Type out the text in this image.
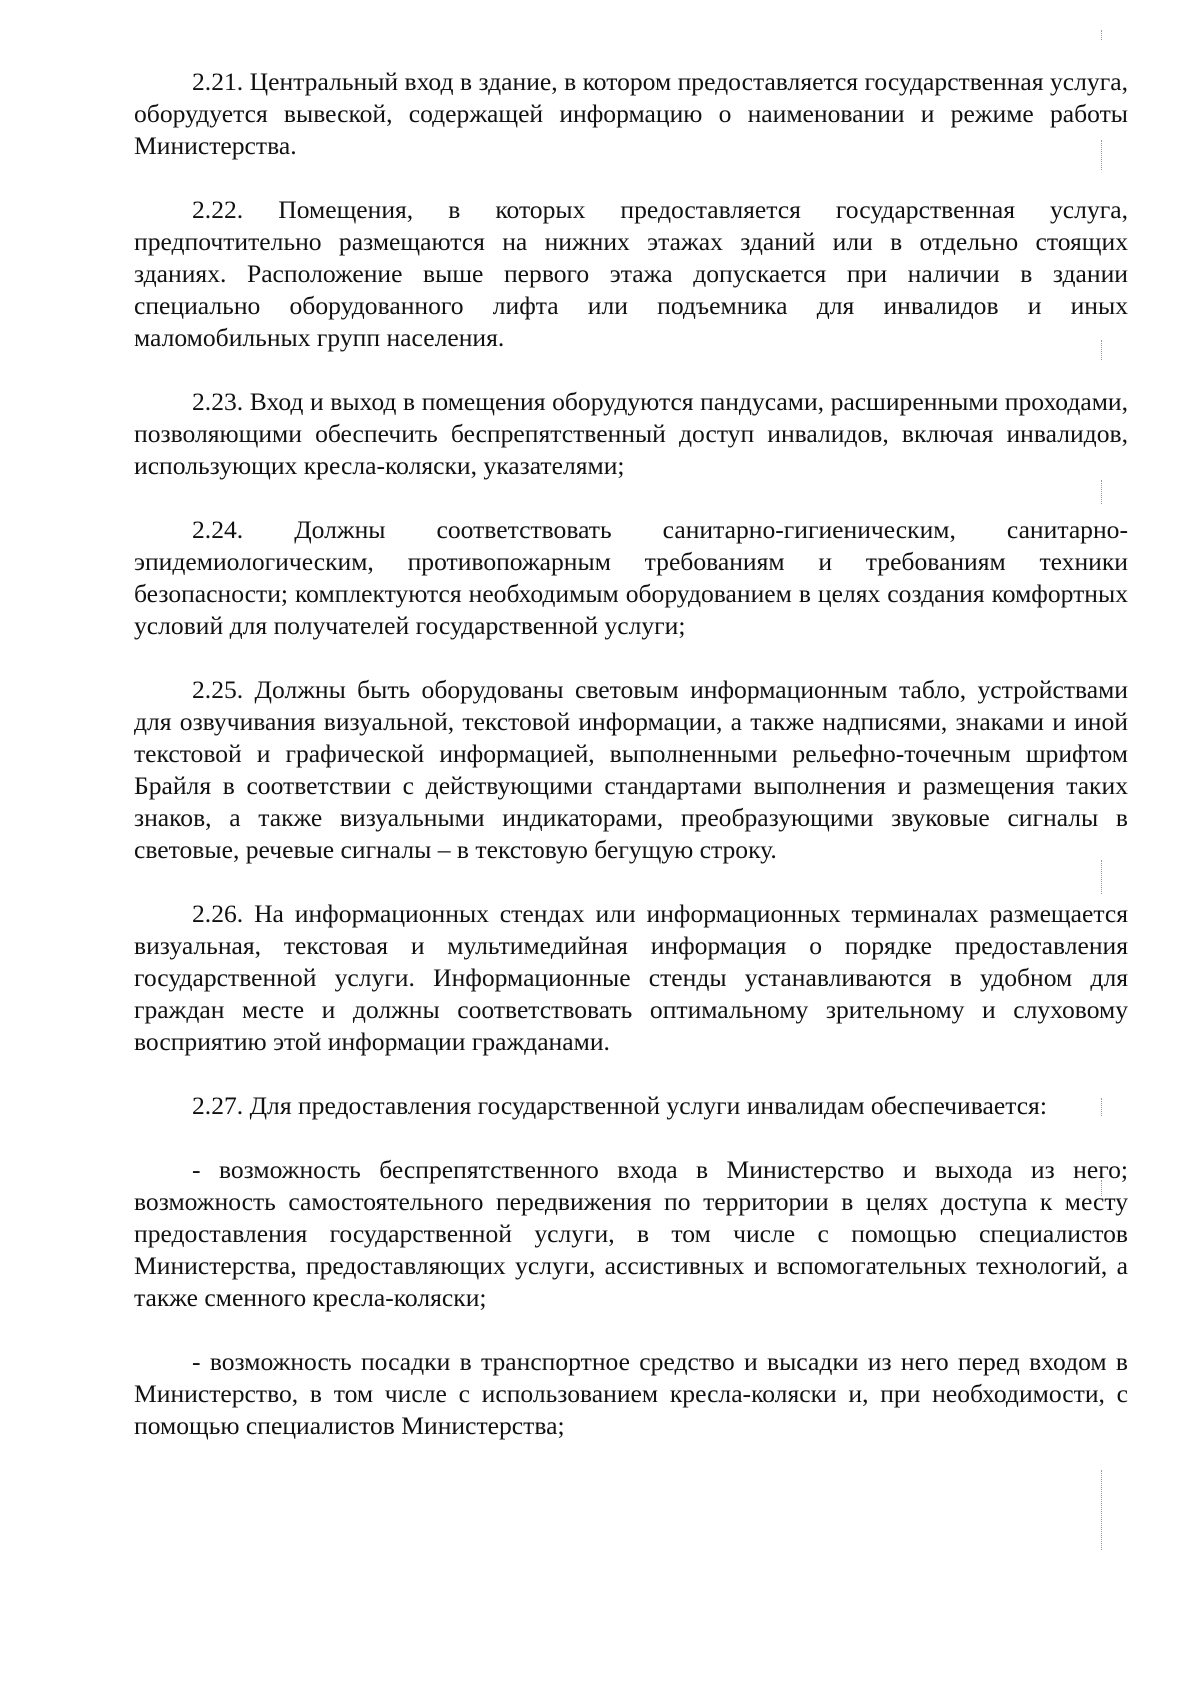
2.21. Центральный вход в здание, в котором предоставляется государственная услуга, оборудуется вывеской, содержащей информацию о наименовании и режиме работы Министерства.

2.22. Помещения, в которых предоставляется государственная услуга, предпочтительно размещаются на нижних этажах зданий или в отдельно стоящих зданиях. Расположение выше первого этажа допускается при наличии в здании специально оборудованного лифта или подъемника для инвалидов и иных маломобильных групп населения.

2.23. Вход и выход в помещения оборудуются пандусами, расширенными проходами, позволяющими обеспечить беспрепятственный доступ инвалидов, включая инвалидов, использующих кресла-коляски, указателями;

2.24. Должны соответствовать санитарно-гигиеническим, санитарно-эпидемиологическим, противопожарным требованиям и требованиям техники безопасности; комплектуются необходимым оборудованием в целях создания комфортных условий для получателей государственной услуги;

2.25. Должны быть оборудованы световым информационным табло, устройствами для озвучивания визуальной, текстовой информации, а также надписями, знаками и иной текстовой и графической информацией, выполненными рельефно-точечным шрифтом Брайля в соответствии с действующими стандартами выполнения и размещения таких знаков, а также визуальными индикаторами, преобразующими звуковые сигналы в световые, речевые сигналы – в текстовую бегущую строку.

2.26. На информационных стендах или информационных терминалах размещается визуальная, текстовая и мультимедийная информация о порядке предоставления государственной услуги. Информационные стенды устанавливаются в удобном для граждан месте и должны соответствовать оптимальному зрительному и слуховому восприятию этой информации гражданами.

2.27. Для предоставления государственной услуги инвалидам обеспечивается:

- возможность беспрепятственного входа в Министерство и выхода из него; возможность самостоятельного передвижения по территории в целях доступа к месту предоставления государственной услуги, в том числе с помощью специалистов Министерства, предоставляющих услуги, ассистивных и вспомогательных технологий, а также сменного кресла-коляски;

- возможность посадки в транспортное средство и высадки из него перед входом в Министерство, в том числе с использованием кресла-коляски и, при необходимости, с помощью специалистов Министерства;
